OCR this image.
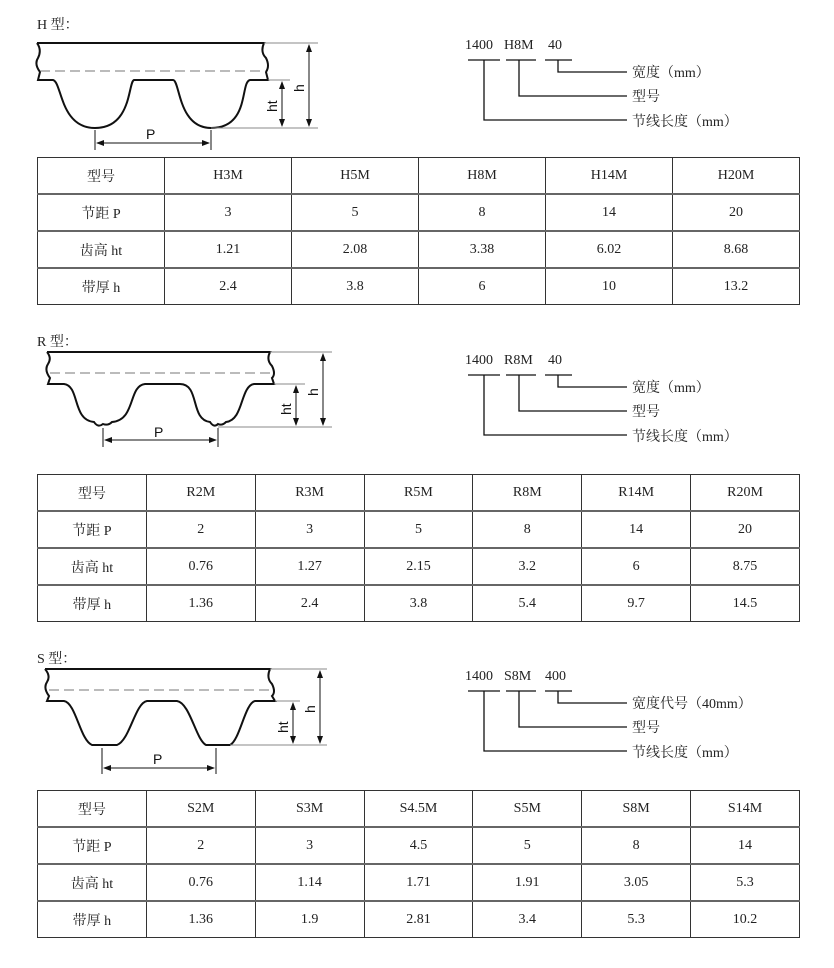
P
ht
h
P
ht
h
P
ht
h
H 型：
R 型：
S 型：
1400 H8M 40
宽度（mm）
型号
节线长度（mm）
1400 R8M 40
宽度（mm）
型号
节线长度（mm）
1400 S8M 400
宽度代号（40mm）
型号
节线长度（mm）
型号	H3M	H5M	H8M	H14M	H20M
节距 P	3	5	8	14	20
齿高 ht	1.21	2.08	3.38	6.02	8.68
带厚 h	2.4	3.8	6	10	13.2
型号	R2M	R3M	R5M	R8M	R14M	R20M
节距 P	2	3	5	8	14	20
齿高 ht	0.76	1.27	2.15	3.2	6	8.75
带厚 h	1.36	2.4	3.8	5.4	9.7	14.5
型号	S2M	S3M	S4.5M	S5M	S8M	S14M
节距 P	2	3	4.5	5	8	14
齿高 ht	0.76	1.14	1.71	1.91	3.05	5.3
带厚 h	1.36	1.9	2.81	3.4	5.3	10.2
